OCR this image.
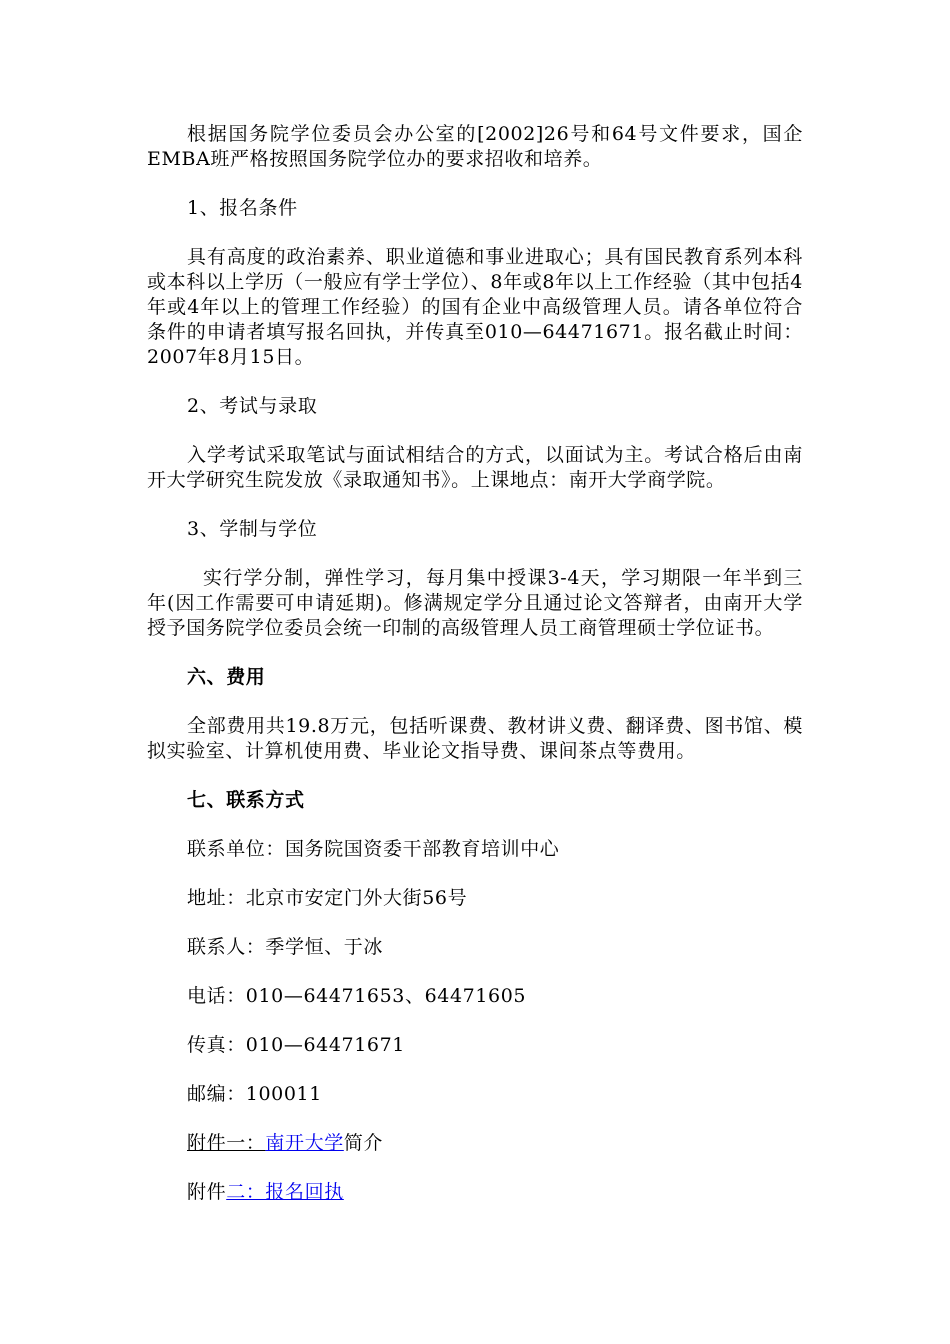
根据国务院学位委员会办公室的[2002]26号和64号文件要求，国企EMBA班严格按照国务院学位办的要求招收和培养。

1、报名条件

具有高度的政治素养、职业道德和事业进取心；具有国民教育系列本科或本科以上学历（一般应有学士学位）、8年或8年以上工作经验（其中包括4年或4年以上的管理工作经验）的国有企业中高级管理人员。请各单位符合条件的申请者填写报名回执，并传真至010—64471671。报名截止时间：2007年8月15日。

2、考试与录取

入学考试采取笔试与面试相结合的方式，以面试为主。考试合格后由南开大学研究生院发放《录取通知书》。上课地点：南开大学商学院。

3、学制与学位

实行学分制，弹性学习，每月集中授课3-4天，学习期限一年半到三年(因工作需要可申请延期)。修满规定学分且通过论文答辩者，由南开大学授予国务院学位委员会统一印制的高级管理人员工商管理硕士学位证书。

六、费用

全部费用共19.8万元，包括听课费、教材讲义费、翻译费、图书馆、模拟实验室、计算机使用费、毕业论文指导费、课间茶点等费用。

七、联系方式

联系单位：国务院国资委干部教育培训中心

地址：北京市安定门外大街56号

联系人：季学恒、于冰

电话：010—64471653、64471605

传真：010—64471671

邮编：100011

附件一：南开大学简介

附件二：报名回执
